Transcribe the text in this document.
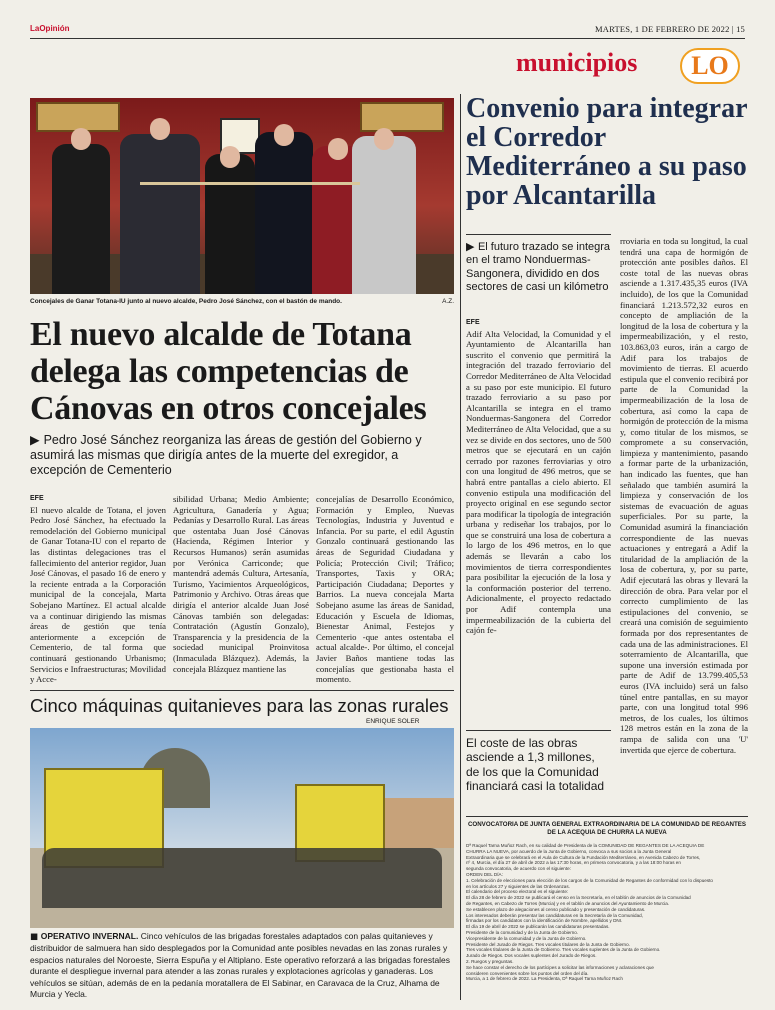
LaOpinión	MARTES, 1 DE FEBRERO DE 2022 | 15
municipios	LO
Concejales de Ganar Totana-IU junto al nuevo alcalde, Pedro José Sánchez, con el bastón de mando.	A.Z.
El nuevo alcalde de Totana delega las competencias de Cánovas en otros concejales
▶ Pedro José Sánchez reorganiza las áreas de gestión del Gobierno y asumirá las mismas que dirigía antes de la muerte del exregidor, a excepción de Cementerio
EFE
El nuevo alcalde de Totana, el joven Pedro José Sánchez, ha efectuado la remodelación del Gobierno municipal de Ganar Totana-IU con el reparto de las distintas delegaciones tras el fallecimiento del anterior regidor, Juan José Cánovas, el pasado 16 de enero y la reciente entrada a la Corporación municipal de la concejala, Marta Sobejano Martínez. El actual alcalde va a continuar dirigiendo las mismas áreas de gestión que tenía anteriormente a excepción de Cementerio, de tal forma que continuará gestionando Urbanismo; Servicios e Infraestructuras; Movilidad y Acce-
sibilidad Urbana; Medio Ambiente; Agricultura, Ganadería y Agua; Pedanías y Desarrollo Rural. Las áreas que ostentaba Juan José Cánovas (Hacienda, Régimen Interior y Recursos Humanos) serán asumidas por Verónica Carriconde; que mantendrá además Cultura, Artesanía, Turismo, Yacimientos Arqueológicos, Patrimonio y Archivo. Otras áreas que dirigía el anterior alcalde Juan José Cánovas también son delegadas: Contratación (Agustín Gonzalo), Transparencia y la presidencia de la sociedad municipal Proinvitosa (Inmaculada Blázquez). Además, la concejala Blázquez mantiene las
concejalías de Desarrollo Económico, Formación y Empleo, Nuevas Tecnologías, Industria y Juventud e Infancia. Por su parte, el edil Agustín Gonzalo continuará gestionando las áreas de Seguridad Ciudadana y Policía; Protección Civil; Tráfico; Transportes, Taxis y ORA; Participación Ciudadana; Deportes y Barrios. La nueva concejala Marta Sobejano asume las áreas de Sanidad, Educación y Escuela de Idiomas, Bienestar Animal, Festejos y Cementerio -que antes ostentaba el actual alcalde-. Por último, el concejal Javier Baños mantiene todas las concejalías que gestionaba hasta el momento.
Cinco máquinas quitanieves para las zonas rurales
ENRIQUE SOLER
■ OPERATIVO INVERNAL. Cinco vehículos de las brigadas forestales adaptados con palas quitanieves y distribuidor de salmuera han sido desplegados por la Comunidad ante posibles nevadas en las zonas rurales y espacios naturales del Noroeste, Sierra Espuña y el Altiplano. Este operativo reforzará a las brigadas forestales durante el despliegue invernal para atender a las zonas rurales y explotaciones agrícolas y ganaderas. Los vehículos se sitúan, además de en la pedanía moratallera de El Sabinar, en Caravaca de la Cruz, Alhama de Murcia y Yecla.
Convenio para integrar el Corredor Mediterráneo a su paso por Alcantarilla
▶ El futuro trazado se integra en el tramo Nonduermas-Sangonera, dividido en dos sectores de casi un kilómetro
EFE
Adif Alta Velocidad, la Comunidad y el Ayuntamiento de Alcantarilla han suscrito el convenio que permitirá la integración del trazado ferroviario del Corredor Mediterráneo de Alta Velocidad a su paso por este municipio. El futuro trazado ferroviario a su paso por Alcantarilla se integra en el tramo Nonduermas-Sangonera del Corredor Mediterráneo de Alta Velocidad, que a su vez se divide en dos sectores, uno de 500 metros que se ejecutará en un cajón cerrado por razones ferroviarias y otro con una longitud de 496 metros, que se habrá entre pantallas a cielo abierto. El convenio estipula una modificación del proyecto original en ese segundo sector para modificar la tipología de integración urbana y rediseñar los trabajos, por lo que se construirá una losa de cobertura a lo largo de los 496 metros, en lo que además se llevarán a cabo los movimientos de tierra correspondientes para posibilitar la ejecución de la losa y la conformación posterior del terreno. Adicionalmente, el proyecto redactado por Adif contempla una impermeabilización de la cubierta del cajón fe-
rroviaria en toda su longitud, la cual tendrá una capa de hormigón de protección ante posibles daños. El coste total de las nuevas obras asciende a 1.317.435,35 euros (IVA incluido), de los que la Comunidad financiará 1.213.572,32 euros en concepto de ampliación de la longitud de la losa de cobertura y la impermeabilización, y el resto, 103.863,03 euros, irán a cargo de Adif para los trabajos de movimiento de tierras. El acuerdo estipula que el convenio recibirá por parte de la Comunidad la impermeabilización de la losa de cobertura, así como la capa de hormigón de protección de la misma y, como titular de los mismos, se compromete a su conservación, limpieza y mantenimiento, pasando a formar parte de la urbanización, han indicado las fuentes, que han señalado que también asumirá la limpieza y conservación de los sistemas de evacuación de aguas superficiales. Por su parte, la Comunidad asumirá la financiación correspondiente de las nuevas actuaciones y entregará a Adif la titularidad de la ampliación de la losa de cobertura, y, por su parte, Adif ejecutará las obras y llevará la dirección de obra. Para velar por el correcto cumplimiento de las estipulaciones del convenio, se creará una comisión de seguimiento formada por dos representantes de cada una de las administraciones. El soterramiento de Alcantarilla, que supone una inversión estimada por parte de Adif de 13.799.405,53 euros (IVA incluido) será un falso túnel entre pantallas, en su mayor parte, con una longitud total 996 metros, de los cuales, los últimos 128 metros están en la zona de la rampa de salida con una 'U' invertida que ejerce de cobertura.
El coste de las obras asciende a 1,3 millones, de los que la Comunidad financiará casi la totalidad
CONVOCATORIA DE JUNTA GENERAL EXTRAORDINARIA DE LA COMUNIDAD DE REGANTES DE LA ACEQUIA DE CHURRA LA NUEVA
Dª Raquel Tarna Muñoz Rach, en su calidad de Presidenta de la COMUNIDAD DE REGANTES DE LA ACEQUIA DE
CHURRA LA NUEVA, por acuerdo de la Junta de Gobierno, convoca a sus socios a la Junta General
Extraordinaria que se celebrará en el Aula de Cultura de la Fundación Mediterráneo, en Avenida Cabezo de Torres,
nº 4, Murcia, el día 27 de abril de 2022 a las 17:30 horas, en primera convocatoria, y a las 18:00 horas en
segunda convocatoria, de acuerdo con el siguiente:
ORDEN DEL DÍA:
1. Celebración de elecciones para elección de los cargos de la Comunidad de Regantes de conformidad con lo dispuesto
en los artículos 27 y siguientes de las Ordenanzas.
El calendario del proceso electoral es el siguiente:
El día 28 de febrero de 2022 se publicará el censo en la Secretaría, en el tablón de anuncios de la Comunidad
de Regantes, en Cabezo de Torres (Murcia) y en el tablón de anuncios del Ayuntamiento de Murcia.
Se establecen plazo de alegaciones al censo publicado y presentación de candidaturas.
Los interesados deberán presentar las candidaturas en la Secretaría de la Comunidad,
firmadas por los candidatos con la identificación de Nombre, apellidos y DNI.
El día 19 de abril de 2022 se publicarán las candidaturas presentadas.
Presidente de la comunidad y de la Junta de Gobierno.
Vicepresidente de la comunidad y de la Junta de Gobierno.
Presidente del Jurado de Riegos. Tres vocales titulares de la Junta de Gobierno.
Tres vocales titulares de la Junta de Gobierno. Tres vocales suplentes de la Junta de Gobierno.
Jurado de Riegos. Dos vocales suplentes del Jurado de Riegos.
2. Ruegos y preguntas.
Se hace constar el derecho de los partícipes a solicitar las informaciones y aclaraciones que
consideren convenientes sobre los puntos del orden del día.
Murcia, a 1 de febrero de 2022. La Presidenta, Dª Raquel Tarna Muñoz Rach
